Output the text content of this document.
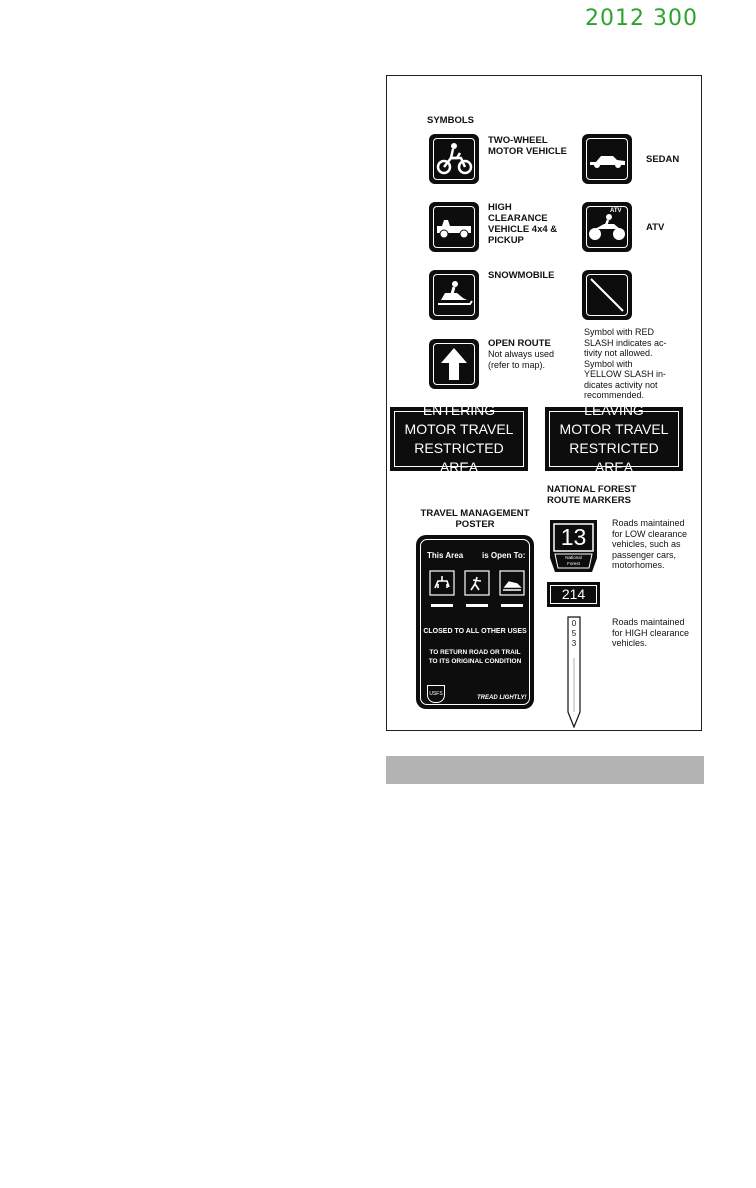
2012 300
SYMBOLS
TWO-WHEEL
MOTOR VEHICLE
SEDAN
HIGH
CLEARANCE
VEHICLE 4x4 &
PICKUP
ATV
ATV
SNOWMOBILE
Symbol with RED
SLASH indicates ac-
tivity not allowed.
Symbol with
YELLOW SLASH in-
dicates activity not
recommended.
OPEN ROUTE
Not always used
(refer to map).
ENTERING
MOTOR TRAVEL
RESTRICTED AREA
LEAVING
MOTOR TRAVEL
RESTRICTED AREA
TRAVEL MANAGEMENT
POSTER
This Area is Open To:
CLOSED TO ALL OTHER USES
TO RETURN ROAD OR TRAIL
TO ITS ORIGINAL CONDITION
USFS
TREAD LIGHTLY!
NATIONAL FOREST
ROUTE MARKERS
13
National
Forest
Roads maintained
for LOW clearance
vehicles, such as
passenger cars,
motorhomes.
214
0
5
3
Roads maintained
for HIGH clearance
vehicles.
